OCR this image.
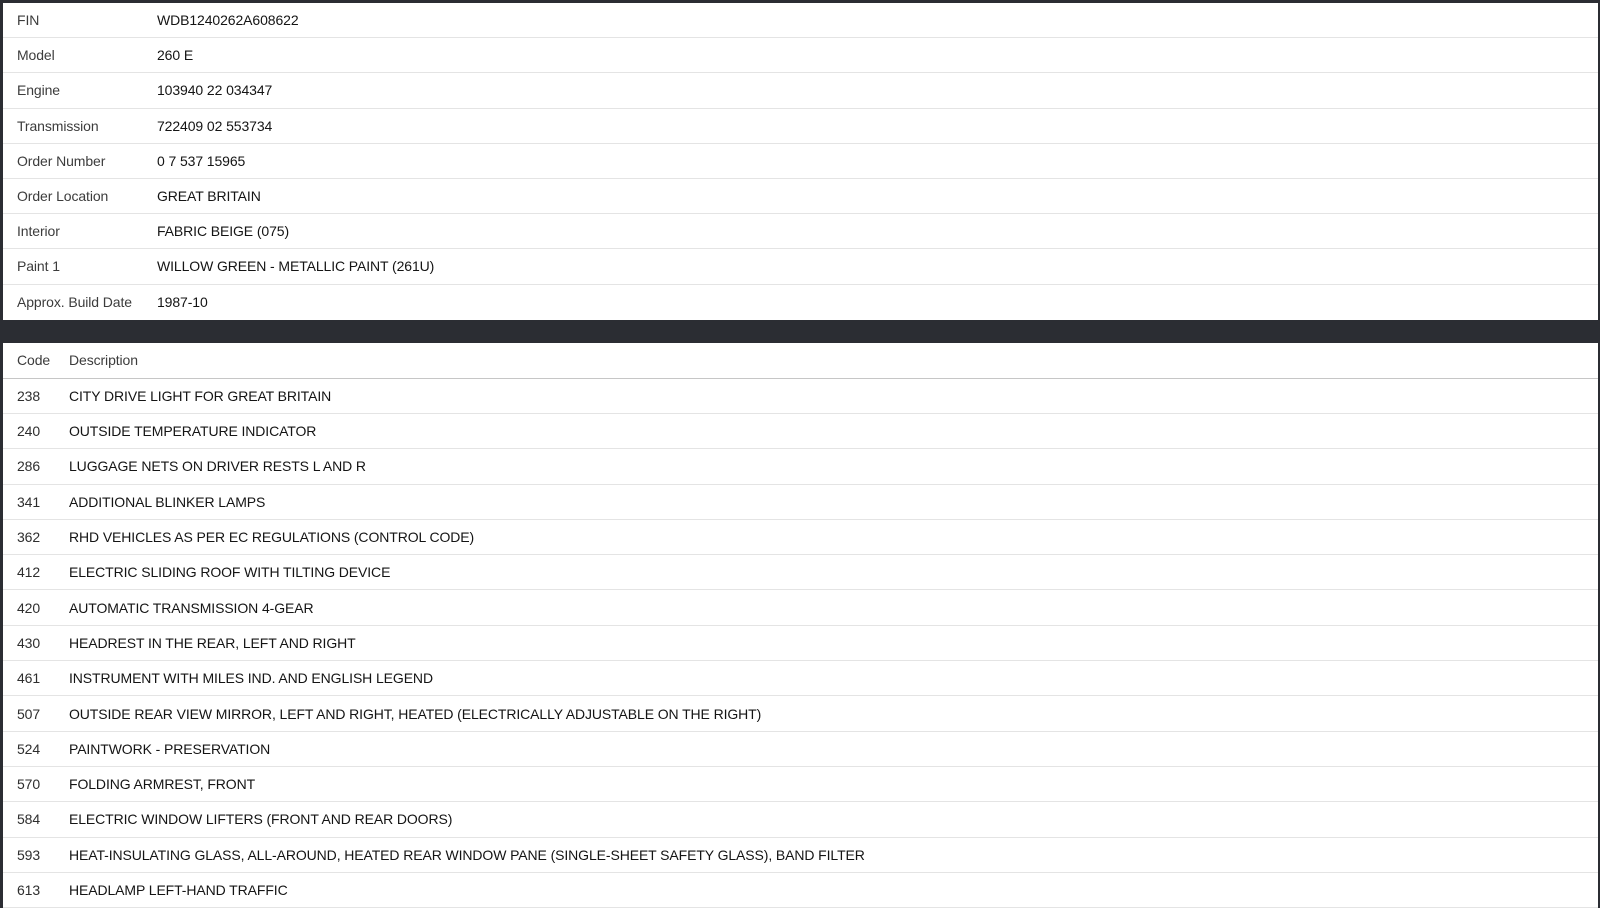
FIN	WDB1240262A608622
Model	260 E
Engine	103940 22 034347
Transmission	722409 02 553734
Order Number	0 7 537 15965
Order Location	GREAT BRITAIN
Interior	FABRIC BEIGE (075)
Paint 1	WILLOW GREEN - METALLIC PAINT (261U)
Approx. Build Date	1987-10
Code	Description
238	CITY DRIVE LIGHT FOR GREAT BRITAIN
240	OUTSIDE TEMPERATURE INDICATOR
286	LUGGAGE NETS ON DRIVER RESTS L AND R
341	ADDITIONAL BLINKER LAMPS
362	RHD VEHICLES AS PER EC REGULATIONS (CONTROL CODE)
412	ELECTRIC SLIDING ROOF WITH TILTING DEVICE
420	AUTOMATIC TRANSMISSION 4-GEAR
430	HEADREST IN THE REAR, LEFT AND RIGHT
461	INSTRUMENT WITH MILES IND. AND ENGLISH LEGEND
507	OUTSIDE REAR VIEW MIRROR, LEFT AND RIGHT, HEATED (ELECTRICALLY ADJUSTABLE ON THE RIGHT)
524	PAINTWORK - PRESERVATION
570	FOLDING ARMREST, FRONT
584	ELECTRIC WINDOW LIFTERS (FRONT AND REAR DOORS)
593	HEAT-INSULATING GLASS, ALL-AROUND, HEATED REAR WINDOW PANE (SINGLE-SHEET SAFETY GLASS), BAND FILTER
613	HEADLAMP LEFT-HAND TRAFFIC
